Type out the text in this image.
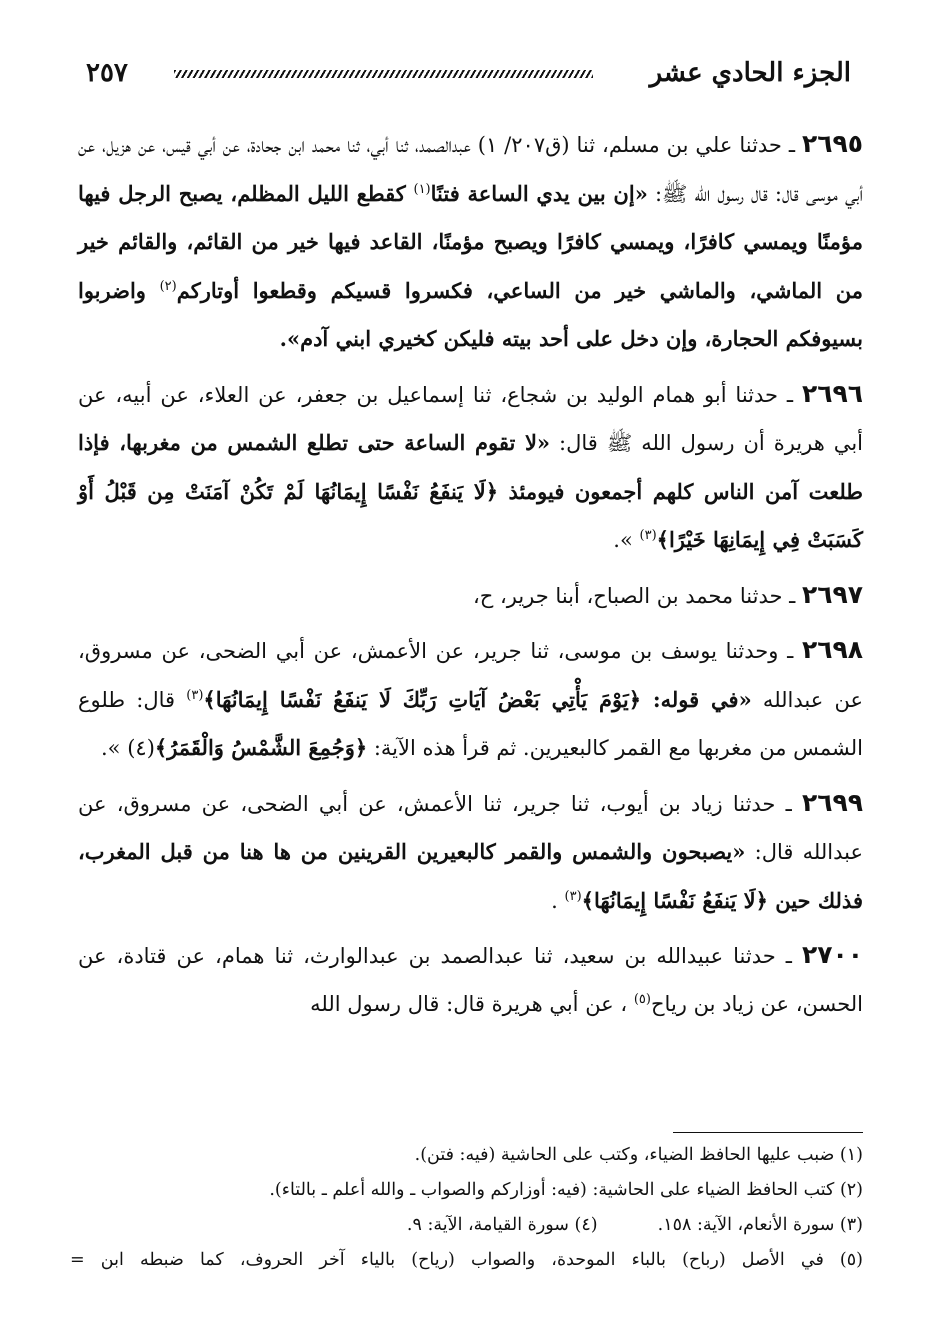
الجزء الحادي عشر
٢٥٧

٢٦٩٥ ـ حدثنا علي بن مسلم، ثنا (ق٢٠٧/ ١) عبدالصمد، ثنا أبي، ثنا محمد ابن جحادة، عن أبي قيس، عن هزيل، عن أبي موسى قال: قال رسول الله ﷺ: «إن بين يدي الساعة فتنًا$^{(١)}$ كقطع الليل المظلم، يصبح الرجل فيها مؤمنًا ويمسي كافرًا، ويمسي كافرًا ويصبح مؤمنًا، القاعد فيها خير من القائم، والقائم خير من الماشي، والماشي خير من الساعي، فكسروا قسيكم وقطعوا أوتاركم$^{(٢)}$ واضربوا بسيوفكم الحجارة، وإن دخل على أحد بيته فليكن كخيري ابني آدم».

٢٦٩٦ ـ حدثنا أبو همام الوليد بن شجاع، ثنا إسماعيل بن جعفر، عن العلاء، عن أبيه، عن أبي هريرة أن رسول الله ﷺ قال: «لا تقوم الساعة حتى تطلع الشمس من مغربها، فإذا طلعت آمن الناس كلهم أجمعون فيومئذ ﴿لَا يَنفَعُ نَفْسًا إِيمَانُهَا لَمْ تَكُنْ آمَنَتْ مِن قَبْلُ أَوْ كَسَبَتْ فِي إِيمَانِهَا خَيْرًا﴾$^{(٣)}$ ».

٢٦٩٧ ـ حدثنا محمد بن الصباح، أبنا جرير، ح،

٢٦٩٨ ـ وحدثنا يوسف بن موسى، ثنا جرير، عن الأعمش، عن أبي الضحى، عن مسروق، عن عبدالله «في قوله: ﴿يَوْمَ يَأْتِي بَعْضُ آيَاتِ رَبِّكَ لَا يَنفَعُ نَفْسًا إِيمَانُهَا﴾$^{(٣)}$ قال: طلوع الشمس من مغربها مع القمر كالبعيرين. ثم قرأ هذه الآية: ﴿وَجُمِعَ الشَّمْسُ وَالْقَمَرُ﴾(٤) ».

٢٦٩٩ ـ حدثنا زياد بن أيوب، ثنا جرير، ثنا الأعمش، عن أبي الضحى، عن مسروق، عن عبدالله قال: «يصبحون والشمس والقمر كالبعيرين القرينين من ها هنا من قبل المغرب، فذلك حين ﴿لَا يَنفَعُ نَفْسًا إِيمَانُهَا﴾$^{(٣)}$ .

٢٧٠٠ ـ حدثنا عبيدالله بن سعيد، ثنا عبدالصمد بن عبدالوارث، ثنا همام، عن قتادة، عن الحسن، عن زياد بن رياح$^{(٥)}$ ، عن أبي هريرة قال: قال رسول الله

(١) ضبب عليها الحافظ الضياء، وكتب على الحاشية (فيه: فتن).
(٢) كتب الحافظ الضياء على الحاشية: (فيه: أوزاركم والصواب ـ والله أعلم ـ بالتاء).
(٣) سورة الأنعام، الآية: ١٥٨.
(٤) سورة القيامة، الآية: ٩.
(٥) في الأصل (رباح) بالباء الموحدة، والصواب (رياح) بالياء آخر الحروف، كما ضبطه ابن =
